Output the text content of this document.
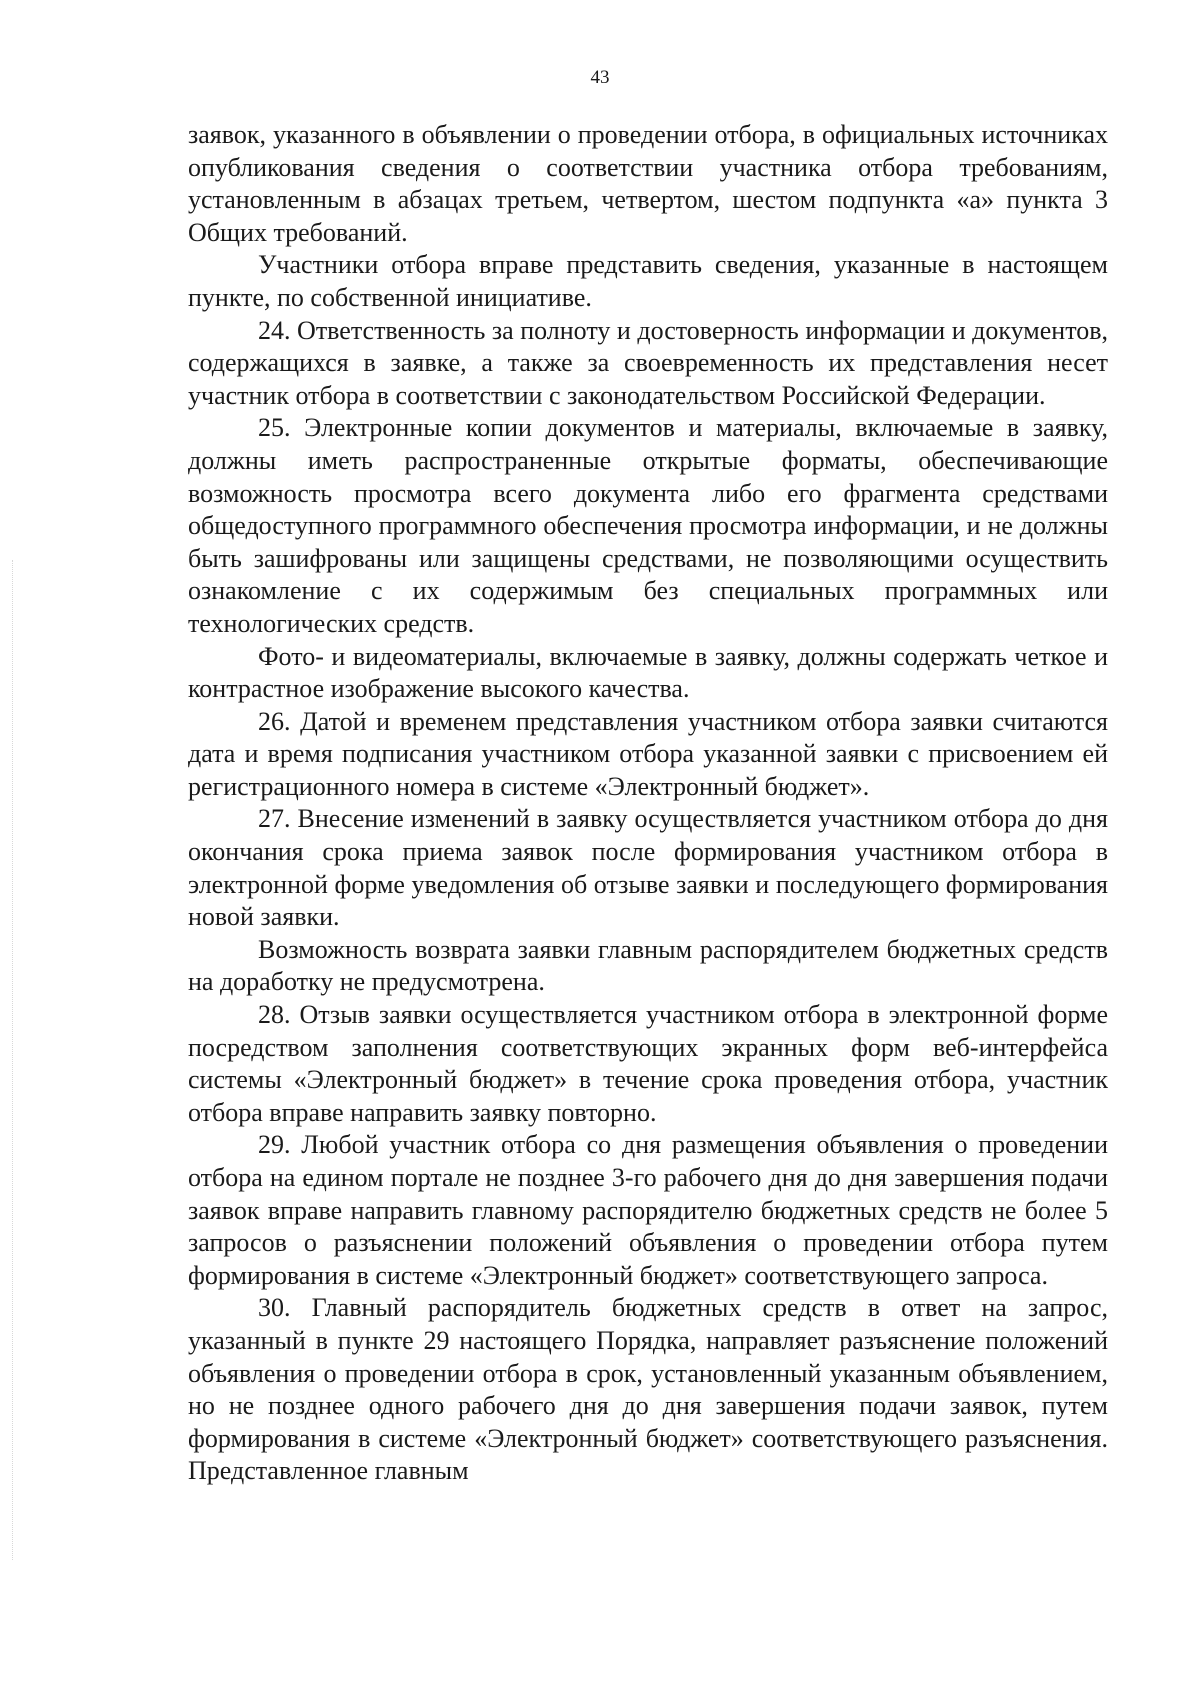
43

заявок, указанного в объявлении о проведении отбора, в официальных источниках опубликования сведения о соответствии участника отбора требованиям, установленным в абзацах третьем, четвертом, шестом подпункта «а» пункта 3 Общих требований.

Участники отбора вправе представить сведения, указанные в настоящем пункте, по собственной инициативе.

24. Ответственность за полноту и достоверность информации и документов, содержащихся в заявке, а также за своевременность их представления несет участник отбора в соответствии с законодательством Российской Федерации.

25. Электронные копии документов и материалы, включаемые в заявку, должны иметь распространенные открытые форматы, обеспечивающие возможность просмотра всего документа либо его фрагмента средствами общедоступного программного обеспечения просмотра информации, и не должны быть зашифрованы или защищены средствами, не позволяющими осуществить ознакомление с их содержимым без специальных программных или технологических средств.

Фото- и видеоматериалы, включаемые в заявку, должны содержать четкое и контрастное изображение высокого качества.

26. Датой и временем представления участником отбора заявки считаются дата и время подписания участником отбора указанной заявки с присвоением ей регистрационного номера в системе «Электронный бюджет».

27. Внесение изменений в заявку осуществляется участником отбора до дня окончания срока приема заявок после формирования участником отбора в электронной форме уведомления об отзыве заявки и последующего формирования новой заявки.

Возможность возврата заявки главным распорядителем бюджетных средств на доработку не предусмотрена.

28. Отзыв заявки осуществляется участником отбора в электронной форме посредством заполнения соответствующих экранных форм веб-интерфейса системы «Электронный бюджет» в течение срока проведения отбора, участник отбора вправе направить заявку повторно.

29. Любой участник отбора со дня размещения объявления о проведении отбора на едином портале не позднее 3-го рабочего дня до дня завершения подачи заявок вправе направить главному распорядителю бюджетных средств не более 5 запросов о разъяснении положений объявления о проведении отбора путем формирования в системе «Электронный бюджет» соответствующего запроса.

30. Главный распорядитель бюджетных средств в ответ на запрос, указанный в пункте 29 настоящего Порядка, направляет разъяснение положений объявления о проведении отбора в срок, установленный указанным объявлением, но не позднее одного рабочего дня до дня завершения подачи заявок, путем формирования в системе «Электронный бюджет» соответствующего разъяснения. Представленное главным
